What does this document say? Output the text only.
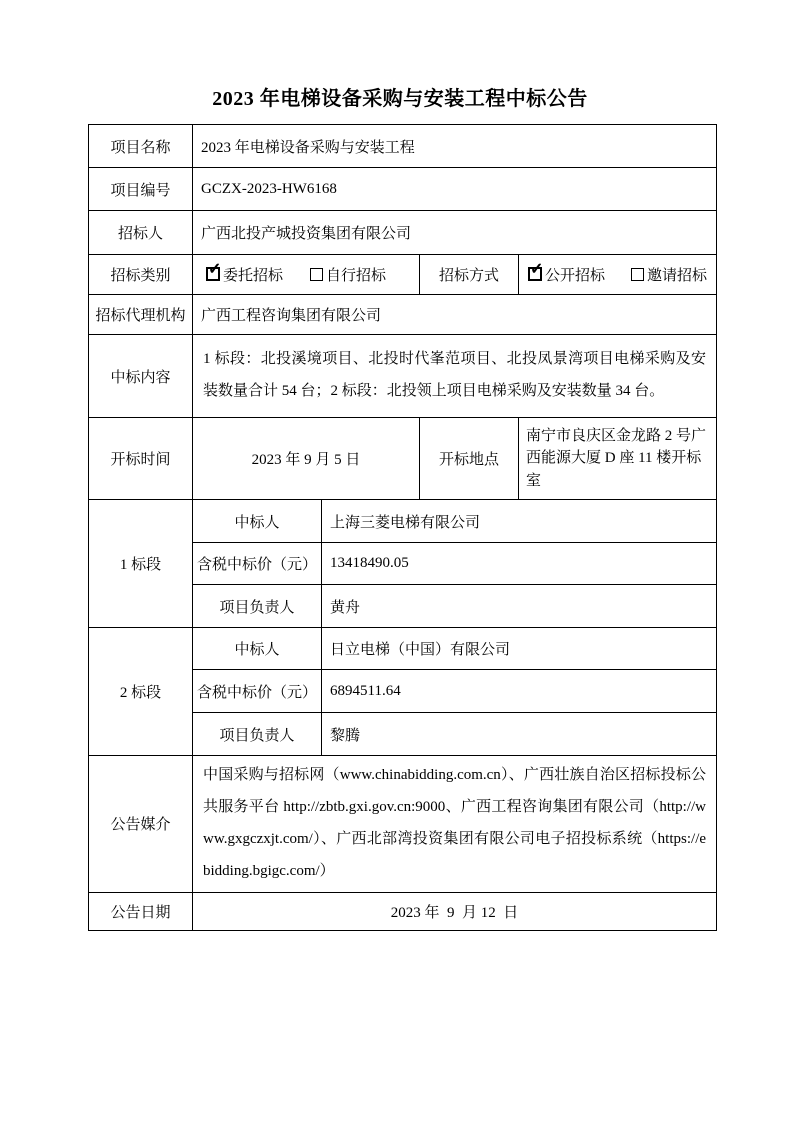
2023 年电梯设备采购与安装工程中标公告
项目名称	2023 年电梯设备采购与安装工程			
项目编号	GCZX-2023-HW6168			
招标人	广西北投产城投资集团有限公司			
招标类别	✓委托招标 自行招标		招标方式	✓公开招标 邀请招标
招标代理机构	广西工程咨询集团有限公司			
中标内容	1 标段：北投溪境项目、北投时代峯范项目、北投凤景湾项目电梯采购及安装数量合计 54 台；2 标段：北投领上项目电梯采购及安装数量 34 台。			
开标时间	2023 年 9 月 5 日		开标地点	南宁市良庆区金龙路 2 号广西能源大厦 D 座 11 楼开标室
1 标段	中标人	上海三菱电梯有限公司		
	含税中标价（元）	13418490.05		
	项目负责人	黄舟		
2 标段	中标人	日立电梯（中国）有限公司		
	含税中标价（元）	6894511.64		
	项目负责人	黎腾		
公告媒介	中国采购与招标网（www.chinabidding.com.cn）、广西壮族自治区招标投标公共服务平台 http://zbtb.gxi.gov.cn:9000、广西工程咨询集团有限公司（http://www.gxgczxjt.com/）、广西北部湾投资集团有限公司电子招投标系统（https://ebidding.bgigc.com/）			
公告日期	2023 年  9  月 12  日			
